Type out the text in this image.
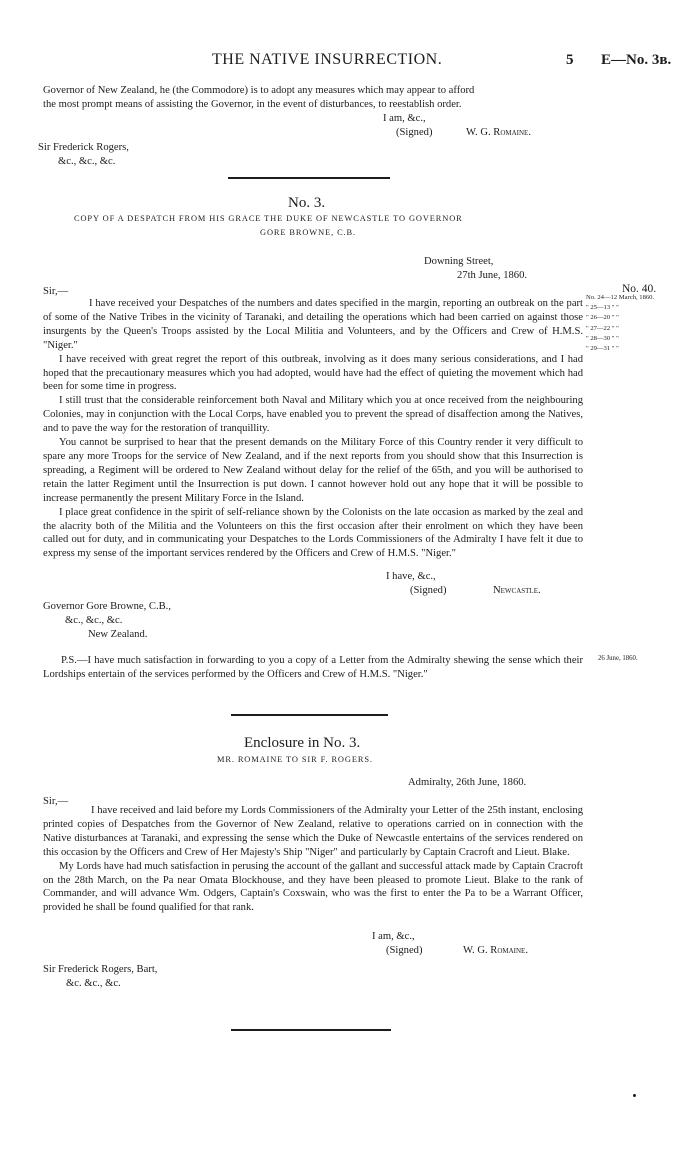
THE NATIVE INSURRECTION.	5 E—No. 3в.
Governor of New Zealand, he (the Commodore) is to adopt any measures which may appear to afford
the most prompt means of assisting the Governor, in the event of disturbances, to reestablish order.
I am, &c.,
(Signed)	W. G. Romaine.
Sir Frederick Rogers,
&c., &c., &c.
No. 3.
COPY OF A DESPATCH FROM HIS GRACE THE DUKE OF NEWCASTLE TO GOVERNOR
GORE BROWNE, C.B.
Downing Street,
27th June, 1860.
Sir,—	No. 40.
No. 24—12 March, 1860.
" 25—13 " "
" 26—20 " "
" 27—22 " "
" 28—30 " "
" 29—31 " "

I have received your Despatches of the numbers and dates specified in the margin, reporting an outbreak on the part of some of the Native Tribes in the vicinity of Taranaki, and detailing the operations which had been carried on against those insurgents by the Queen's Troops assisted by the Local Militia and Volunteers, and by the Officers and Crew of H.M.S. "Niger."

I have received with great regret the report of this outbreak, involving as it does many serious considerations, and I had hoped that the precautionary measures which you had adopted, would have had the effect of quieting the movement which had been for some time in progress.

I still trust that the considerable reinforcement both Naval and Military which you at once received from the neighbouring Colonies, may in conjunction with the Local Corps, have enabled you to prevent the spread of disaffection among the Natives, and to pave the way for the restoration of tranquillity.

You cannot be surprised to hear that the present demands on the Military Force of this Country render it very difficult to spare any more Troops for the service of New Zealand, and if the next reports from you should show that this Insurrection is spreading, a Regiment will be ordered to New Zealand without delay for the relief of the 65th, and you will be authorised to retain the latter Regiment until the Insurrection is put down. I cannot however hold out any hope that it will be possible to increase permanently the present Military Force in the Island.

I place great confidence in the spirit of self-reliance shown by the Colonists on the late occasion as marked by the zeal and the alacrity both of the Militia and the Volunteers on this the first occasion after their enrolment on which they have been called out for duty, and in communicating your Despatches to the Lords Commissioners of the Admiralty I have felt it due to express my sense of the important services rendered by the Officers and Crew of H.M.S. "Niger."

I have, &c.,
(Signed)	Newcastle.
Governor Gore Browne, C.B.,
&c., &c., &c.
New Zealand.

P.S.—I have much satisfaction in forwarding to you a copy of a Letter from the Admiralty shewing the sense which their Lordships entertain of the services performed by the Officers and Crew of H.M.S. "Niger."

26 June, 1860.
Enclosure in No. 3.
MR. ROMAINE TO SIR F. ROGERS.
Admiralty, 26th June, 1860.
Sir,—

I have received and laid before my Lords Commissioners of the Admiralty your Letter of the 25th instant, enclosing printed copies of Despatches from the Governor of New Zealand, relative to operations carried on in connection with the Native disturbances at Taranaki, and expressing the sense which the Duke of Newcastle entertains of the services rendered on this occasion by the Officers and Crew of Her Majesty's Ship "Niger" and particularly by Captain Cracroft and Lieut. Blake.

My Lords have had much satisfaction in perusing the account of the gallant and successful attack made by Captain Cracroft on the 28th March, on the Pa near Omata Blockhouse, and they have been pleased to promote Lieut. Blake to the rank of Commander, and will advance Wm. Odgers, Captain's Coxswain, who was the first to enter the Pa to be a Warrant Officer, provided he shall be found qualified for that rank.

I am, &c.,
(Signed)	W. G. Romaine.
Sir Frederick Rogers, Bart,
&c. &c., &c.
